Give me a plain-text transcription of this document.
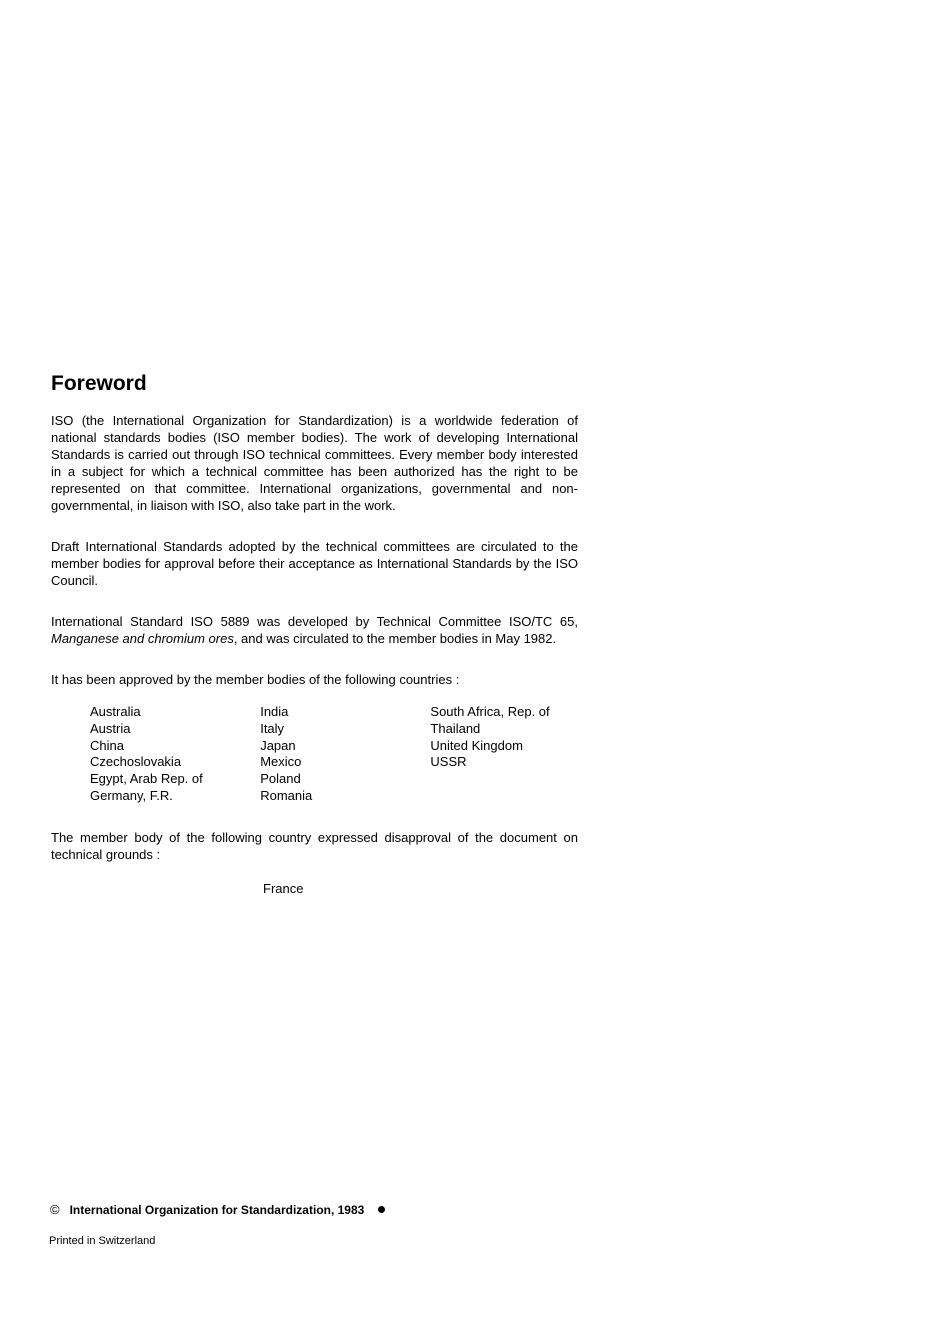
Foreword

ISO (the International Organization for Standardization) is a worldwide federation of national standards bodies (ISO member bodies). The work of developing International Standards is carried out through ISO technical committees. Every member body interested in a subject for which a technical committee has been authorized has the right to be represented on that committee. International organizations, governmental and non-governmental, in liaison with ISO, also take part in the work.

Draft International Standards adopted by the technical committees are circulated to the member bodies for approval before their acceptance as International Standards by the ISO Council.

International Standard ISO 5889 was developed by Technical Committee ISO/TC 65, Manganese and chromium ores, and was circulated to the member bodies in May 1982.

It has been approved by the member bodies of the following countries :

Australia
Austria
China
Czechoslovakia
Egypt, Arab Rep. of
Germany, F.R.
India
Italy
Japan
Mexico
Poland
Romania
South Africa, Rep. of
Thailand
United Kingdom
USSR

The member body of the following country expressed disapproval of the document on technical grounds :

France
© International Organization for Standardization, 1983
Printed in Switzerland
